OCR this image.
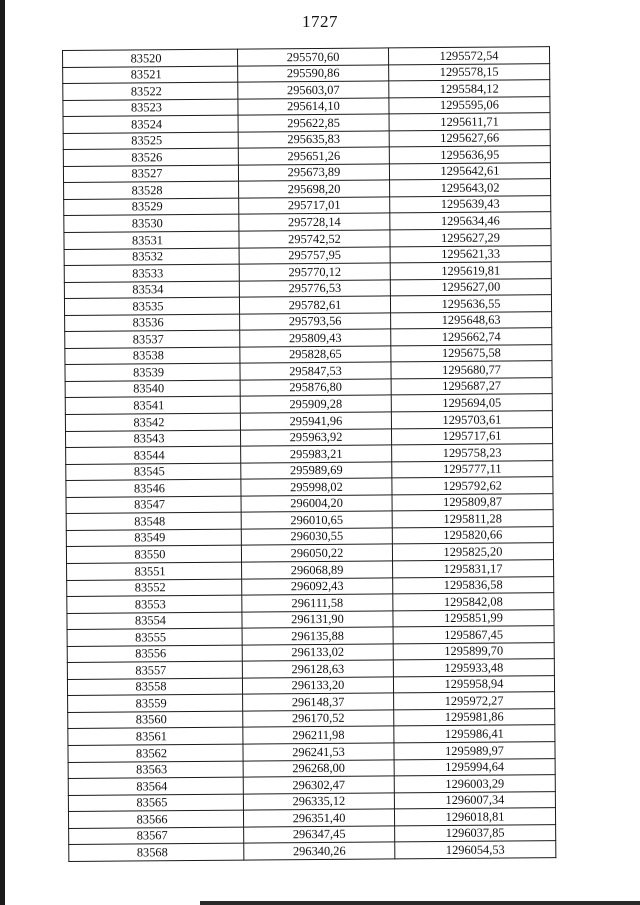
1727
83520	295570,60	1295572,54
83521	295590,86	1295578,15
83522	295603,07	1295584,12
83523	295614,10	1295595,06
83524	295622,85	1295611,71
83525	295635,83	1295627,66
83526	295651,26	1295636,95
83527	295673,89	1295642,61
83528	295698,20	1295643,02
83529	295717,01	1295639,43
83530	295728,14	1295634,46
83531	295742,52	1295627,29
83532	295757,95	1295621,33
83533	295770,12	1295619,81
83534	295776,53	1295627,00
83535	295782,61	1295636,55
83536	295793,56	1295648,63
83537	295809,43	1295662,74
83538	295828,65	1295675,58
83539	295847,53	1295680,77
83540	295876,80	1295687,27
83541	295909,28	1295694,05
83542	295941,96	1295703,61
83543	295963,92	1295717,61
83544	295983,21	1295758,23
83545	295989,69	1295777,11
83546	295998,02	1295792,62
83547	296004,20	1295809,87
83548	296010,65	1295811,28
83549	296030,55	1295820,66
83550	296050,22	1295825,20
83551	296068,89	1295831,17
83552	296092,43	1295836,58
83553	296111,58	1295842,08
83554	296131,90	1295851,99
83555	296135,88	1295867,45
83556	296133,02	1295899,70
83557	296128,63	1295933,48
83558	296133,20	1295958,94
83559	296148,37	1295972,27
83560	296170,52	1295981,86
83561	296211,98	1295986,41
83562	296241,53	1295989,97
83563	296268,00	1295994,64
83564	296302,47	1296003,29
83565	296335,12	1296007,34
83566	296351,40	1296018,81
83567	296347,45	1296037,85
83568	296340,26	1296054,53
